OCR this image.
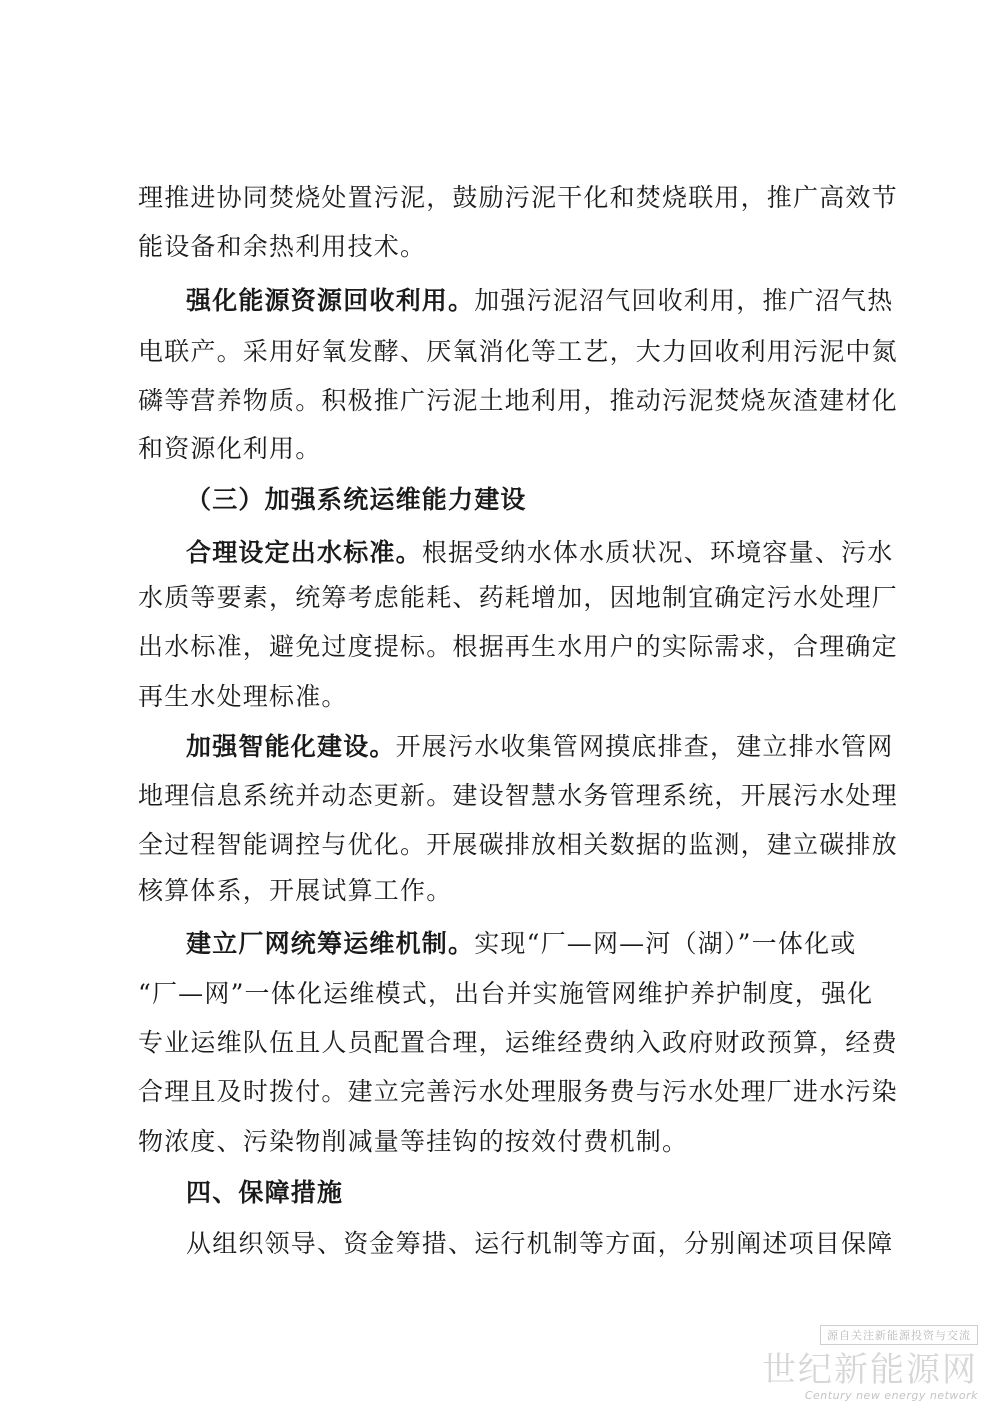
理推进协同焚烧处置污泥，鼓励污泥干化和焚烧联用，推广高效节
能设备和余热利用技术。
强化能源资源回收利用。加强污泥沼气回收利用，推广沼气热
电联产。采用好氧发酵、厌氧消化等工艺，大力回收利用污泥中氮
磷等营养物质。积极推广污泥土地利用，推动污泥焚烧灰渣建材化
和资源化利用。
（三）加强系统运维能力建设
合理设定出水标准。根据受纳水体水质状况、环境容量、污水
水质等要素，统筹考虑能耗、药耗增加，因地制宜确定污水处理厂
出水标准，避免过度提标。根据再生水用户的实际需求，合理确定
再生水处理标准。
加强智能化建设。开展污水收集管网摸底排查，建立排水管网
地理信息系统并动态更新。建设智慧水务管理系统，开展污水处理
全过程智能调控与优化。开展碳排放相关数据的监测，建立碳排放
核算体系，开展试算工作。
建立厂网统筹运维机制。实现“厂—网—河（湖）”一体化或
“厂—网”一体化运维模式，出台并实施管网维护养护制度，强化
专业运维队伍且人员配置合理，运维经费纳入政府财政预算，经费
合理且及时拨付。建立完善污水处理服务费与污水处理厂进水污染
物浓度、污染物削减量等挂钩的按效付费机制。
四、保障措施
从组织领导、资金筹措、运行机制等方面，分别阐述项目保障
源自关注新能源投资与交流
世纪新能源网
Century new energy network
